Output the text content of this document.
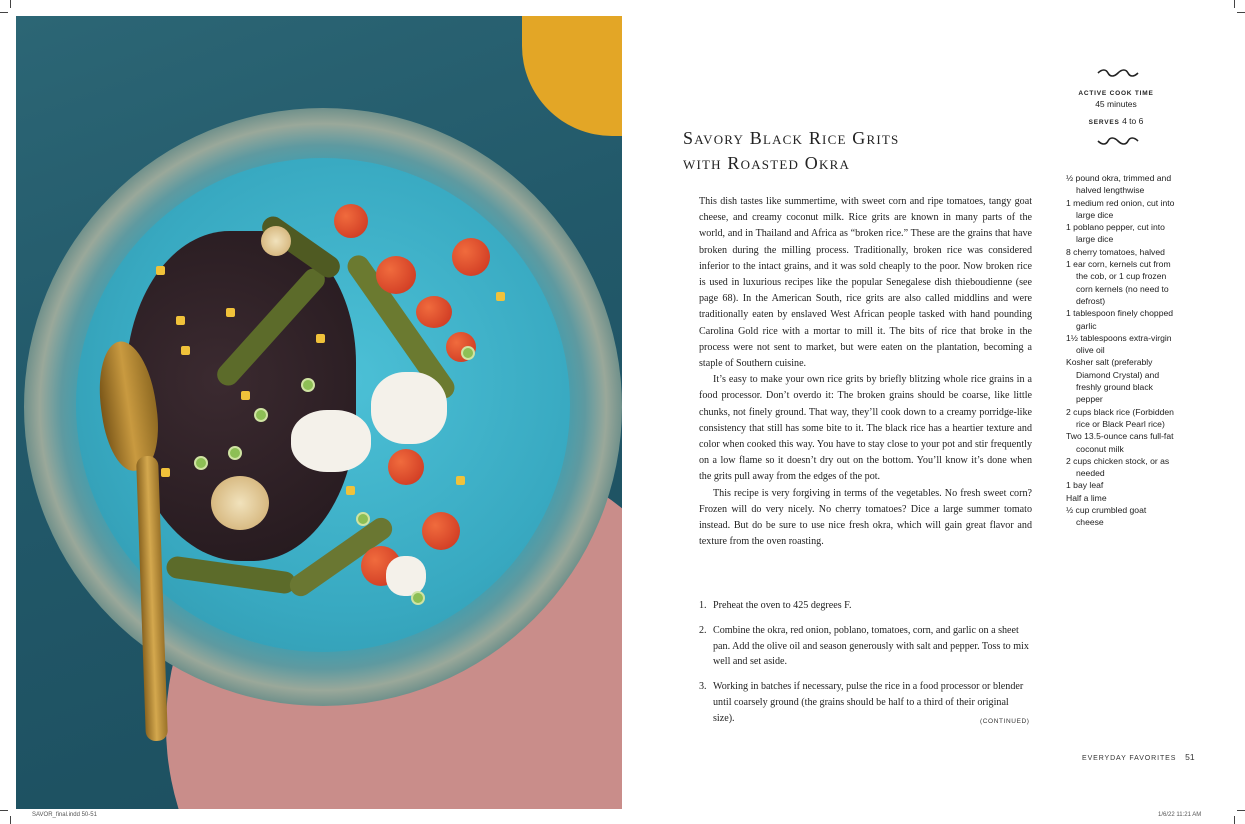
Savory Black Rice Grits
with Roasted Okra

This dish tastes like summertime, with sweet corn and ripe tomatoes, tangy goat cheese, and creamy coconut milk. Rice grits are known in many parts of the world, and in Thailand and Africa as “broken rice.” These are the grains that have broken during the milling process. Traditionally, broken rice was considered inferior to the intact grains, and it was sold cheaply to the poor. Now broken rice is used in luxurious recipes like the popular Senegalese dish thieboudienne (see page 68). In the American South, rice grits are also called middlins and were traditionally eaten by enslaved West African people tasked with hand pounding Carolina Gold rice with a mortar to mill it. The bits of rice that broke in the process were not sent to market, but were eaten on the plantation, becoming a staple of Southern cuisine.

It’s easy to make your own rice grits by briefly blitzing whole rice grains in a food processor. Don’t overdo it: The broken grains should be coarse, like little chunks, not finely ground. That way, they’ll cook down to a creamy porridge-like consistency that still has some bite to it. The black rice has a heartier texture and color when cooked this way. You have to stay close to your pot and stir frequently on a low flame so it doesn’t dry out on the bottom. You’ll know it’s done when the grits pull away from the edges of the pot.

This recipe is very forgiving in terms of the vegetables. No fresh sweet corn? Frozen will do very nicely. No cherry tomatoes? Dice a large summer tomato instead. But do be sure to use nice fresh okra, which will gain great flavor and texture from the oven roasting.

1. Preheat the oven to 425 degrees F.
2. Combine the okra, red onion, poblano, tomatoes, corn, and garlic on a sheet pan. Add the olive oil and season generously with salt and pepper. Toss to mix well and set aside.
3. Working in batches if necessary, pulse the rice in a food processor or blender until coarsely ground (the grains should be half to a third of their original size).	(CONTINUED)
ACTIVE COOK TIME
45 minutes
SERVES 4 to 6
½ pound okra, trimmed and halved lengthwise
1 medium red onion, cut into large dice
1 poblano pepper, cut into large dice
8 cherry tomatoes, halved
1 ear corn, kernels cut from the cob, or 1 cup frozen corn kernels (no need to defrost)
1 tablespoon finely chopped garlic
1½ tablespoons extra-virgin olive oil
Kosher salt (preferably Diamond Crystal) and freshly ground black pepper
2 cups black rice (Forbidden rice or Black Pearl rice)
Two 13.5-ounce cans full-fat coconut milk
2 cups chicken stock, or as needed
1 bay leaf
Half a lime
½ cup crumbled goat cheese
EVERYDAY FAVORITES 51
SAVOR_final.indd 50-51	1/6/22 11:21 AM
